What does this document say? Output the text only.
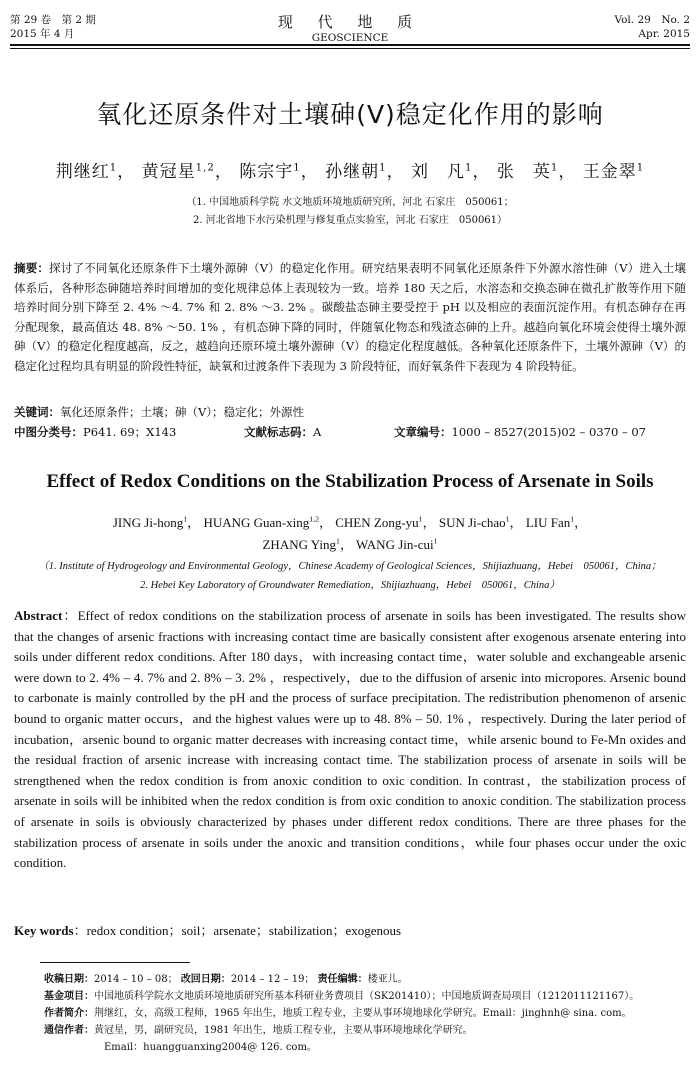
第 29 卷　第 2 期
2015 年 4 月
现 代 地 质
GEOSCIENCE
Vol. 29　No. 2
Apr. 2015
氧化还原条件对土壤砷(Ⅴ)稳定化作用的影响
荆继红$^1$， 黄冠星$^{1,2}$， 陈宗宇$^1$， 孙继朝$^1$， 刘　凡$^1$， 张　英$^1$， 王金翠$^1$
（1. 中国地质科学院 水文地质环境地质研究所，河北 石家庄　050061；
2. 河北省地下水污染机理与修复重点实验室，河北 石家庄　050061）
摘要：探讨了不同氧化还原条件下土壤外源砷（Ⅴ）的稳定化作用。研究结果表明不同氧化还原条件下外源水溶性砷（Ⅴ）进入土壤体系后，各种形态砷随培养时间增加的变化规律总体上表现较为一致。培养 180 天之后，水溶态和交换态砷在微孔扩散等作用下随培养时间分别下降至 2. 4% ～4. 7% 和 2. 8% ～3. 2% 。碳酸盐态砷主要受控于 pH 以及相应的表面沉淀作用。有机态砷存在再分配现象，最高值达 48. 8% ～50. 1% ，有机态砷下降的同时，伴随氧化物态和残渣态砷的上升。越趋向氧化环境会使得土壤外源砷（Ⅴ）的稳定化程度越高，反之，越趋向还原环境土壤外源砷（Ⅴ）的稳定化程度越低。各种氧化还原条件下，土壤外源砷（Ⅴ）的稳定化过程均具有明显的阶段性特征，缺氧和过渡条件下表现为 3 阶段特征，而好氧条件下表现为 4 阶段特征。
关键词：氧化还原条件；土壤；砷（Ⅴ）；稳定化；外源性
中图分类号：P641. 69；X143	文献标志码：A	文章编号：1000 – 8527(2015)02 – 0370 – 07
Effect of Redox Conditions on the Stabilization Process of Arsenate in Soils
JING Ji-hong$^1$， HUANG Guan-xing$^{1,2}$， CHEN Zong-$yu^1$， SUN Ji-chao$^1$， LIU Fan$^1$，
ZHANG Ying$^1$， WANG Jin-cui$^1$
（1. Institute of Hydrogeology and Environmental Geology，Chinese Academy of Geological Sciences，Shijiazhuang，Hebei　050061，China；
2. Hebei Key Laboratory of Groundwater Remediation，Shijiazhuang，Hebei　050061，China）
Abstract：Effect of redox conditions on the stabilization process of arsenate in soils has been investigated. The results show that the changes of arsenic fractions with increasing contact time are basically consistent after exogenous arsenate entering into soils under different redox conditions. After 180 days，with increasing contact time，water soluble and exchangeable arsenic were down to 2. 4% – 4. 7% and 2. 8% – 3. 2% ，respectively，due to the diffusion of arsenic into micropores. Arsenic bound to carbonate is mainly controlled by the pH and the process of surface precipitation. The redistribution phenomenon of arsenic bound to organic matter occurs，and the highest values were up to 48. 8% – 50. 1% ，respectively. During the later period of incubation，arsenic bound to organic matter decreases with increasing contact time，while arsenic bound to Fe-Mn oxides and the residual fraction of arsenic increase with increasing contact time. The stabilization process of arsenate in soils will be strengthened when the redox condition is from anoxic condition to oxic condition. In contrast，the stabilization process of arsenate in soils will be inhibited when the redox condition is from oxic condition to anoxic condition. The stabilization process of arsenate in soils is obviously characterized by phases under different redox conditions. There are three phases for the stabilization process of arsenate in soils under the anoxic and transition conditions，while four phases occur under the oxic condition.
Key words：redox condition；soil；arsenate；stabilization；exogenous
收稿日期：2014 – 10 – 08； 改回日期：2014 – 12 – 19； 责任编辑：楼亚儿。
基金项目：中国地质科学院水文地质环境地质研究所基本科研业务费项目（SK201410）；中国地质调查局项目（1212011121167）。
作者简介：荆继红，女，高级工程师，1965 年出生，地质工程专业，主要从事环境地球化学研究。Email：jinghnh@ sina. com。
通信作者：黄冠星，男，副研究员，1981 年出生，地质工程专业，主要从事环境地球化学研究。
Email：huangguanxing2004@ 126. com。
